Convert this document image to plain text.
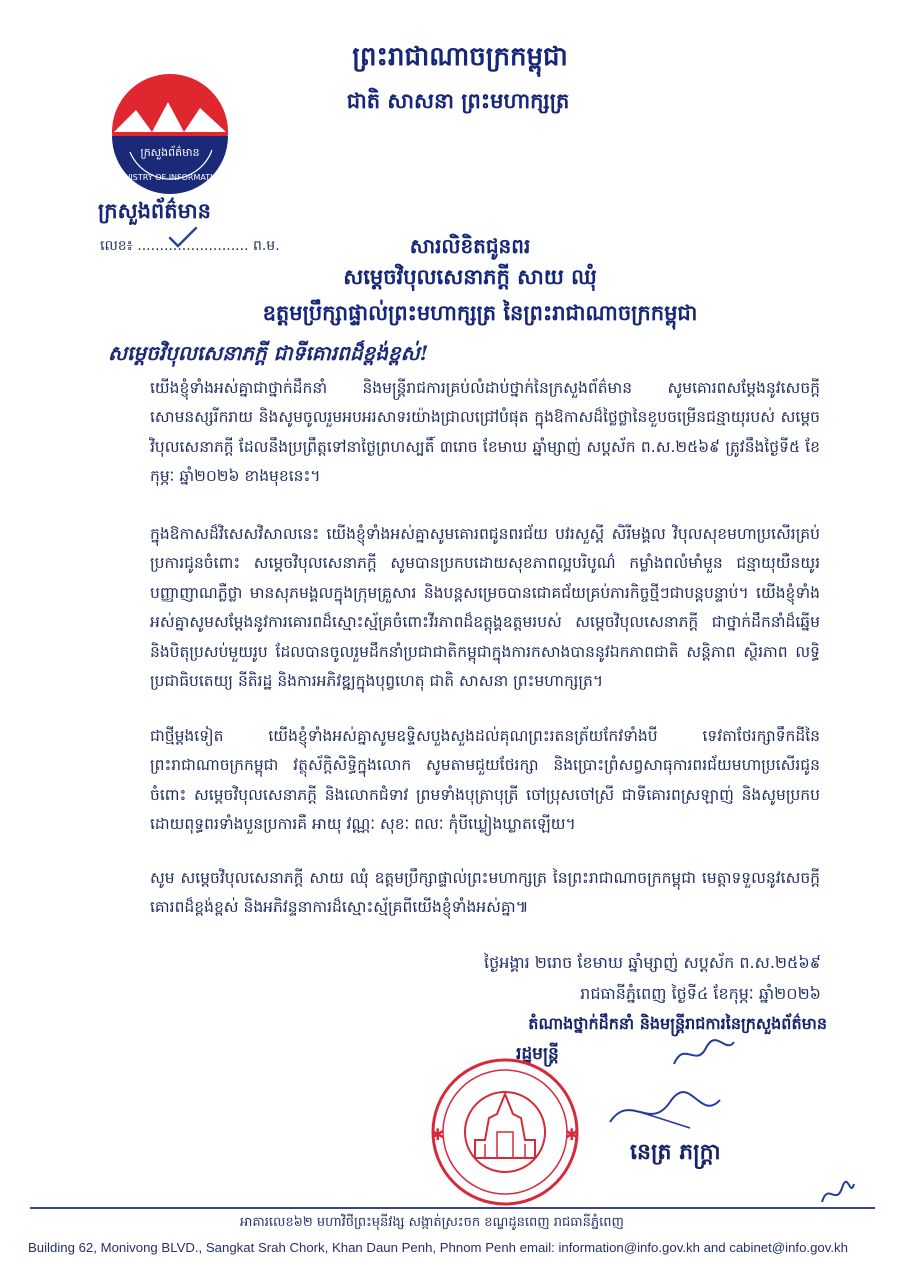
ព្រះរាជាណាចក្រកម្ពុជា
ជាតិ សាសនា ព្រះមហាក្សត្រ
ក្រសួងព័ត៌មាន
MINISTRY OF INFORMATION
ក្រសួងព័ត៌មាន
លេខ៖ ......................... ព.ម.	សារលិខិតជូនពរ
សម្ដេចវិបុលសេនាភក្ដី សាយ ឈុំ
ឧត្ដមប្រឹក្សាផ្ទាល់ព្រះមហាក្សត្រ នៃព្រះរាជាណាចក្រកម្ពុជា
សម្ដេចវិបុលសេនាភក្ដី ជាទីគោរពដ៏ខ្ពង់ខ្ពស់!
យើងខ្ញុំទាំងអស់គ្នាជាថ្នាក់ដឹកនាំ និងមន្ត្រីរាជការគ្រប់លំដាប់ថ្នាក់នៃក្រសួងព័ត៌មាន សូមគោរពសម្ដែងនូវសេចក្ដីសោមនស្សរីករាយ និងសូមចូលរួមអបអរសាទរយ៉ាងជ្រាលជ្រៅបំផុត ក្នុងឱកាសដ៏ថ្លៃថ្លានៃខួបចម្រើនជន្មាយុរបស់ សម្ដេចវិបុលសេនាភក្ដី ដែលនឹងប្រព្រឹត្តទៅនាថ្ងៃព្រហស្បតិ៍ ៣រោច ខែមាឃ ឆ្នាំម្សាញ់ សប្ដស័ក ព.ស.២៥៦៩ ត្រូវនឹងថ្ងៃទី៥ ខែកុម្ភៈ ឆ្នាំ២០២៦ ខាងមុខនេះ។
ក្នុងឱកាសដ៏វិសេសវិសាលនេះ យើងខ្ញុំទាំងអស់គ្នាសូមគោរពជូនពរជ័យ បវរសួស្ដី សិរីមង្គល វិបុលសុខមហាប្រសើរគ្រប់ប្រការជូនចំពោះ សម្ដេចវិបុលសេនាភក្ដី សូមបានប្រកបដោយសុខភាពល្អបរិបូណ៌ កម្លាំងពលំមាំមួន ជន្មាយុយឺនយូរ បញ្ញាញាណភ្លឺថ្លា មានសុភមង្គលក្នុងក្រុមគ្រួសារ និងបន្តសម្រេចបានជោគជ័យគ្រប់ភារកិច្ចថ្មីៗជាបន្តបន្ទាប់។ យើងខ្ញុំទាំងអស់គ្នាសូមសម្ដែងនូវការគោរពដ៏ស្មោះស្ម័គ្រចំពោះវីរភាពដ៏ឧត្ដុង្គឧត្ដមរបស់ សម្ដេចវិបុលសេនាភក្ដី ជាថ្នាក់ដឹកនាំដ៏ឆ្នើម និងបិតុប្រសប់មួយរូប ដែលបានចូលរួមដឹកនាំប្រជាជាតិកម្ពុជាក្នុងការកសាងបាននូវឯកភាពជាតិ សន្តិភាព ស្ថិរភាព លទ្ធិប្រជាធិបតេយ្យ នីតិរដ្ឋ និងការអភិវឌ្ឍក្នុងបុព្វហេតុ ជាតិ សាសនា ព្រះមហាក្សត្រ។
ជាថ្មីម្ដងទៀត យើងខ្ញុំទាំងអស់គ្នាសូមឧទ្ទិសបួងសួងដល់គុណព្រះរតនត្រ័យកែវទាំងបី ទេវតាថែរក្សាទឹកដីនៃព្រះរាជាណាចក្រកម្ពុជា វត្ថុស័ក្ដិសិទ្ធិក្នុងលោក សូមតាមជួយថែរក្សា និងប្រោះព្រំសព្វសាធុការពរជ័យមហាប្រសើរជូនចំពោះ សម្ដេចវិបុលសេនាភក្ដី និងលោកជំទាវ ព្រមទាំងបុត្រាបុត្រី ចៅប្រុសចៅស្រី ជាទីគោរពស្រឡាញ់ និងសូមប្រកបដោយពុទ្ធពរទាំងបួនប្រការគឺ អាយុ វណ្ណៈ សុខៈ ពលៈ កុំបីឃ្លៀងឃ្លាតឡើយ។
សូម សម្ដេចវិបុលសេនាភក្ដី សាយ ឈុំ ឧត្ដមប្រឹក្សាផ្ទាល់ព្រះមហាក្សត្រ នៃព្រះរាជាណាចក្រកម្ពុជា មេត្តាទទួលនូវសេចក្ដីគោរពដ៏ខ្ពង់ខ្ពស់ និងអភិវន្ទនាការដ៏ស្មោះស្ម័គ្រពីយើងខ្ញុំទាំងអស់គ្នា៕
ថ្ងៃអង្គារ ២រោច ខែមាឃ ឆ្នាំម្សាញ់ សប្ដស័ក ព.ស.២៥៦៩
រាជធានីភ្នំពេញ ថ្ងៃទី៤ ខែកុម្ភៈ ឆ្នាំ២០២៦
តំណាងថ្នាក់ដឹកនាំ និងមន្ត្រីរាជការនៃក្រសួងព័ត៌មាន
រដ្ឋមន្ត្រី
✱	✱
នេត្រ ភក្ត្រា
អាគារលេខ៦២ មហាវិថីព្រះមុនីវង្ស សង្កាត់ស្រះចក ខណ្ឌដូនពេញ រាជធានីភ្នំពេញ
Building 62, Monivong BLVD., Sangkat Srah Chork, Khan Daun Penh, Phnom Penh email: information@info.gov.kh and cabinet@info.gov.kh
